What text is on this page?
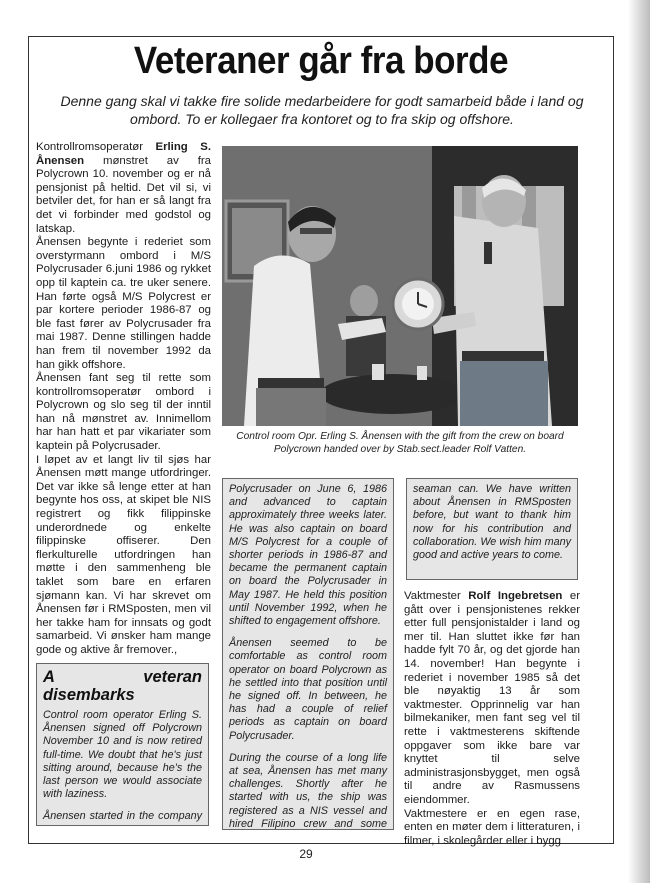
Veteraner går fra borde
Denne gang skal vi takke fire solide medarbeidere for godt samarbeid både i land og ombord. To er kollegaer fra kontoret og to fra skip og offshore.

Kontrollromsoperatør Erling S. Ånensen mønstret av fra Polycrown 10. november og er nå pensjonist på heltid. Det vil si, vi betviler det, for han er så langt fra det vi forbinder med godstol og latskap.

Ånensen begynte i rederiet som overstyrmann ombord i M/S Polycrusader 6.juni 1986 og rykket opp til kaptein ca. tre uker senere. Han førte også M/S Polycrest er par kortere perioder 1986-87 og ble fast fører av Polycrusader fra mai 1987. Denne stillingen hadde han frem til november 1992 da han gikk offshore.

Ånensen fant seg til rette som kontrollromsoperatør ombord i Polycrown og slo seg til der inntil han nå mønstret av. Innimellom har han hatt et par vikariater som kaptein på Polycrusader.

I løpet av et langt liv til sjøs har Ånensen møtt mange utfordringer. Det var ikke så lenge etter at han begynte hos oss, at skipet ble NIS registrert og fikk filippinske underordnede og enkelte filippinske offiserer. Den flerkulturelle utfordringen han møtte i den sammenheng ble taklet som bare en erfaren sjømann kan. Vi har skrevet om Ånensen før i RMSposten, men vil her takke ham for innsats og godt samarbeid. Vi ønsker ham mange gode og aktive år fremover.,

Control room Opr. Erling S. Ånensen with the gift from the crew on board Polycrown handed over by Stab.sect.leader Rolf Vatten.
A veteran disembarks

Control room operator Erling S. Ånensen signed off Polycrown November 10 and is now retired full-time. We doubt that he's just sitting around, because he's the last person we would associate with laziness.

Ånensen started in the company

Polycrusader on June 6, 1986 and advanced to captain approximately three weeks later. He was also captain on board M/S Polycrest for a couple of shorter periods in 1986-87 and became the permanent captain on board the Polycrusader in May 1987. He held this position until November 1992, when he shifted to engagement offshore.

Ånensen seemed to be comfortable as control room operator on board Polycrown as he settled into that position until he signed off. In between, he has had a couple of relief periods as captain on board Polycrusader.

During the course of a long life at sea, Ånensen has met many challenges. Shortly after he started with us, the ship was registered as a NIS vessel and hired Filipino crew and some

seaman can. We have written about Ånensen in RMSposten before, but want to thank him now for his contribution and collaboration. We wish him many good and active years to come.

Vaktmester Rolf Ingebretsen er gått over i pensjonistenes rekker etter full pensjonistalder i land og mer til. Han sluttet ikke før han hadde fylt 70 år, og det gjorde han 14. november! Han begynte i rederiet i november 1985 så det ble nøyaktig 13 år som vaktmester. Opprinnelig var han bilmekaniker, men fant seg vel til rette i vaktmesterens skiftende oppgaver som ikke bare var knyttet til selve administrasjonsbygget, men også til andre av Rasmussens eiendommer.

Vaktmestere er en egen rase, enten en møter dem i litteraturen, i filmer, i skolegårder eller i bygg

29
